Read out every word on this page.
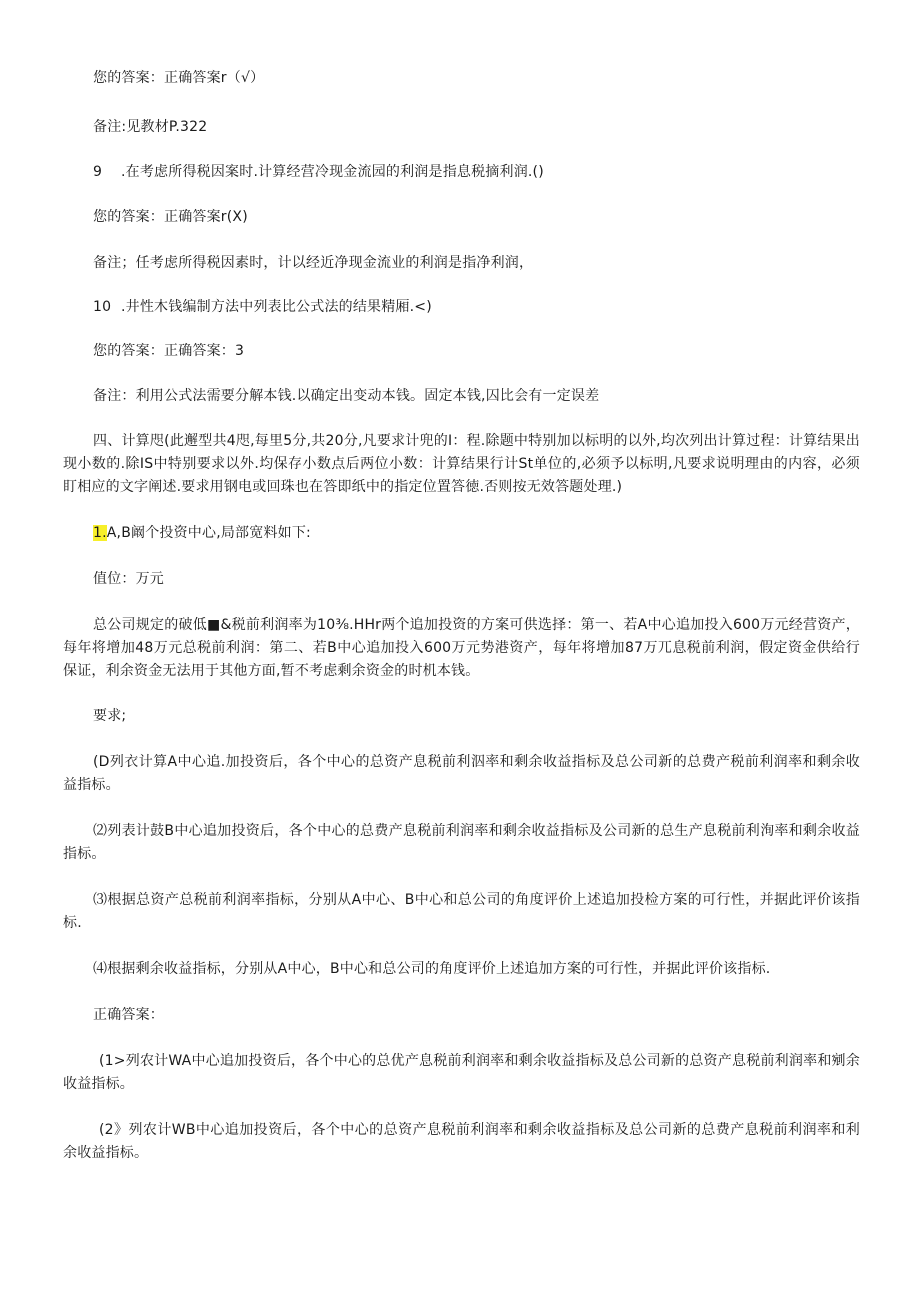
您的答案：正确答案r（√）
备注:见教材P.322
9 .在考虑所得税因案时.计算经营冷现金流园的利润是指息税摘利润.()
您的答案：正确答案r(X)
备注；任考虑所得税因素时，计以经近净现金流业的利润是指净利润，
10 .井性木钱编制方法中列表比公式法的结果精厢.<)
您的答案：正确答案：3
备注：利用公式法需要分解本钱.以确定出变动本钱。固定本钱,囚比会有一定误差
四、计算咫(此邂型共4咫,每里5分,共20分,凡要求计兜的I：程.除题中特别加以标明的以外,均次列出计算过程：计算结果出现小数的.除IS中特别要求以外.均保存小数点后两位小数：计算结果行计St单位的,必须予以标明,凡要求说明理由的内容，必须盯相应的文字阐述.要求用钢电或回珠也在答即纸中的指定位置答徳.否则按无效答题处理.)
1.A,B阚个投资中心,局部宽料如下:
值位：万元
总公司规定的破低■&税前利润率为10⅜.HHr两个追加投资的方案可供选择：第一、若A中心追加投入600万元经营资产，每年将增加48万元总税前利润：第二、若B中心追加投入600万元势港资产，每年将增加87万兀息税前利润，假定资金供给行保证，利余资金无法用于其他方面,暂不考虑剩余资金的时机本钱。
要求;
(D列衣计算A中心追.加投资后，各个中心的总资产息税前利泅率和剩余收益指标及总公司新的总费产税前利润率和剩余收益指标。
⑵列表计鼓B中心追加投资后，各个中心的总费产息税前利润率和剩余收益指标及公司新的总生产息税前利洵率和剩余收益指标。
⑶根据总资产总税前利润率指标，分别从A中心、B中心和总公司的角度评价上述追加投检方案的可行性，并据此评价该指标.
⑷根据剩余收益指标，分别从A中心，B中心和总公司的角度评价上述追加方案的可行性，并据此评价该指标.
正确答案：
(1>列农计WA中心追加投资后，各个中心的总优产息税前利润率和剩余收益指标及总公司新的总资产息税前利润率和剜余收益指标。
(2》列农计WB中心追加投资后，各个中心的总资产息税前利润率和剩余收益指标及总公司新的总费产息税前利润率和利余收益指标。
